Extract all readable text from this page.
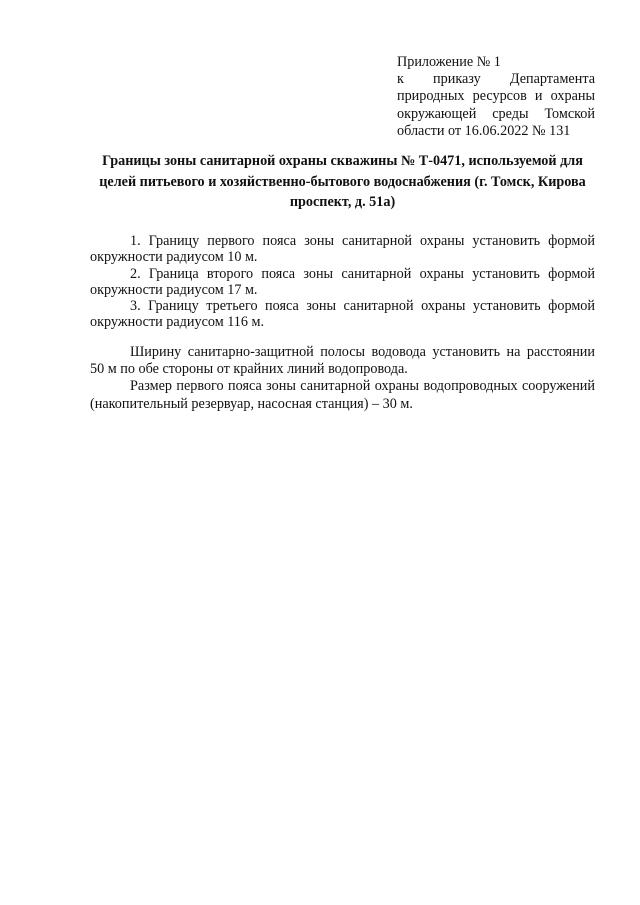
Приложение № 1
к приказу Департамента природных ресурсов и охраны окружающей среды Томской области от 16.06.2022 № 131
Границы зоны санитарной охраны скважины № Т-0471, используемой для целей питьевого и хозяйственно-бытового водоснабжения (г. Томск, Кирова проспект, д. 51а)

1. Границу первого пояса зоны санитарной охраны установить формой окружности радиусом 10 м.

2. Граница второго пояса зоны санитарной охраны установить формой окружности радиусом 17 м.

3. Границу третьего пояса зоны санитарной охраны установить формой окружности радиусом 116 м.

Ширину санитарно-защитной полосы водовода установить на расстоянии 50 м по обе стороны от крайних линий водопровода.

Размер первого пояса зоны санитарной охраны водопроводных сооружений (накопительный резервуар, насосная станция) – 30 м.
